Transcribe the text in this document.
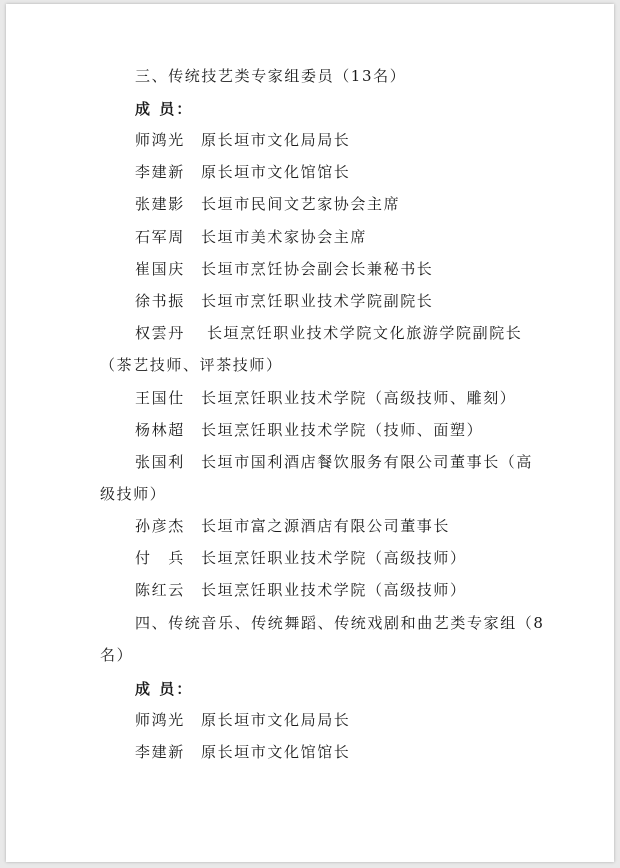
三、传统技艺类专家组委员（13名）
成 员：
师鸿光 原长垣市文化局局长
李建新 原长垣市文化馆馆长
张建影 长垣市民间文艺家协会主席
石军周 长垣市美术家协会主席
崔国庆 长垣市烹饪协会副会长兼秘书长
徐书振 长垣市烹饪职业技术学院副院长
权雲丹 长垣烹饪职业技术学院文化旅游学院副院长
（茶艺技师、评茶技师）
王国仕 长垣烹饪职业技术学院（高级技师、雕刻）
杨林超 长垣烹饪职业技术学院（技师、面塑）
张国利 长垣市国利酒店餐饮服务有限公司董事长（高
级技师）
孙彦杰 长垣市富之源酒店有限公司董事长
付　兵 长垣烹饪职业技术学院（高级技师）
陈红云 长垣烹饪职业技术学院（高级技师）
四、传统音乐、传统舞蹈、传统戏剧和曲艺类专家组（8
名）
成 员：
师鸿光 原长垣市文化局局长
李建新 原长垣市文化馆馆长
